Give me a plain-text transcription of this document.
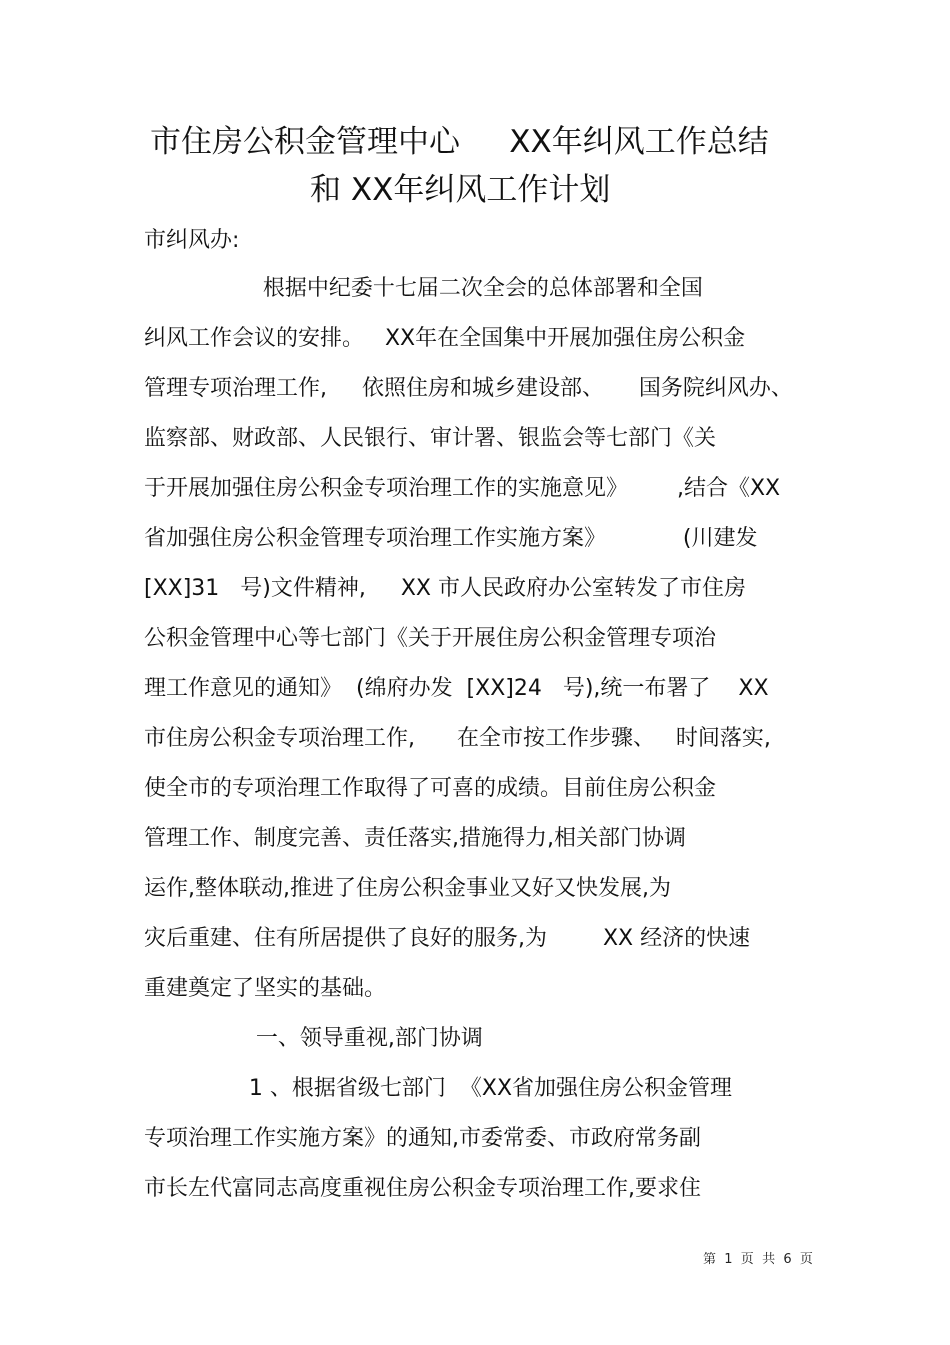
市住房公积金管理中心     XX年纠风工作总结
和 XX年纠风工作计划
市纠风办:
根据中纪委十七届二次全会的总体部署和全国
纠风工作会议的安排。   XX年在全国集中开展加强住房公积金
管理专项治理工作,     依照住房和城乡建设部、     国务院纠风办、
监察部、财政部、人民银行、审计署、银监会等七部门《关
于开展加强住房公积金专项治理工作的实施意见》       ,结合《XX
省加强住房公积金管理专项治理工作实施方案》           (川建发
[XX]31   号)文件精神,     XX 市人民政府办公室转发了市住房
公积金管理中心等七部门《关于开展住房公积金管理专项治
理工作意见的通知》  (绵府办发  [XX]24   号),统一布署了    XX
市住房公积金专项治理工作,      在全市按工作步骤、   时间落实,
使全市的专项治理工作取得了可喜的成绩。目前住房公积金
管理工作、制度完善、责任落实,措施得力,相关部门协调
运作,整体联动,推进了住房公积金事业又好又快发展,为
灾后重建、住有所居提供了良好的服务,为        XX 经济的快速
重建奠定了坚实的基础。
一、领导重视,部门协调
1 、根据省级七部门  《XX省加强住房公积金管理
专项治理工作实施方案》的通知,市委常委、市政府常务副
市长左代富同志高度重视住房公积金专项治理工作,要求住
第  1  页  共  6  页
